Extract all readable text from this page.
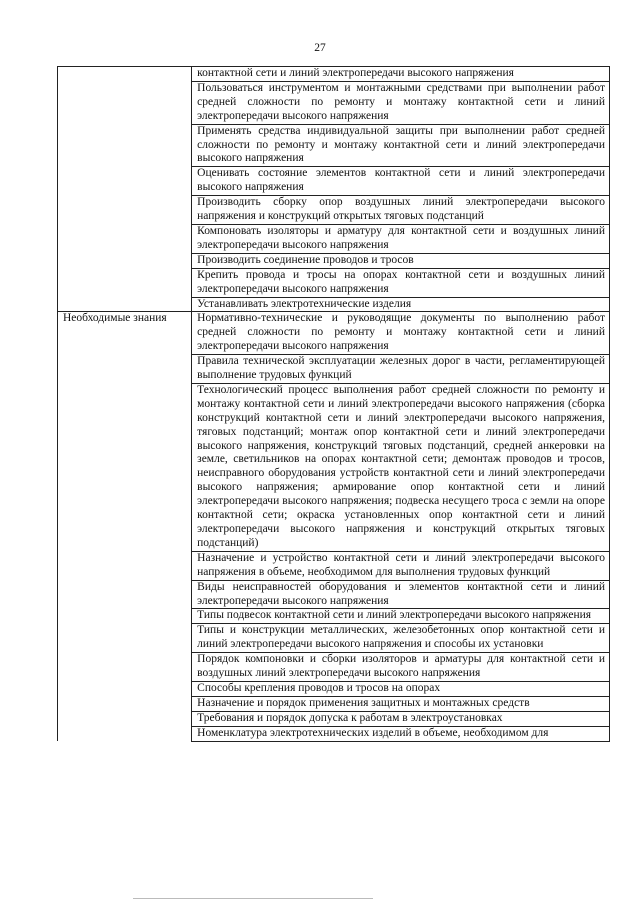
27
	контактной сети и линий электропередачи высокого напряжения
	Пользоваться инструментом и монтажными средствами при выполнении работ средней сложности по ремонту и монтажу контактной сети и линий электропередачи высокого напряжения
	Применять средства индивидуальной защиты при выполнении работ средней сложности по ремонту и монтажу контактной сети и линий электропередачи высокого напряжения
	Оценивать состояние элементов контактной сети и линий электропередачи высокого напряжения
	Производить сборку опор воздушных линий электропередачи высокого напряжения и конструкций открытых тяговых подстанций
	Компоновать изоляторы и арматуру для контактной сети и воздушных линий электропередачи высокого напряжения
	Производить соединение проводов и тросов
	Крепить провода и тросы на опорах контактной сети и воздушных линий электропередачи высокого напряжения
	Устанавливать электротехнические изделия
Необходимые знания	Нормативно-технические и руководящие документы по выполнению работ средней сложности по ремонту и монтажу контактной сети и линий электропередачи высокого напряжения
	Правила технической эксплуатации железных дорог в части, регламентирующей выполнение трудовых функций
	Технологический процесс выполнения работ средней сложности по ремонту и монтажу контактной сети и линий электропередачи высокого напряжения (сборка конструкций контактной сети и линий электропередачи высокого напряжения, тяговых подстанций; монтаж опор контактной сети и линий электропередачи высокого напряжения, конструкций тяговых подстанций, средней анкеровки на земле, светильников на опорах контактной сети; демонтаж проводов и тросов, неисправного оборудования устройств контактной сети и линий электропередачи высокого напряжения; армирование опор контактной сети и линий электропередачи высокого напряжения; подвеска несущего троса с земли на опоре контактной сети; окраска установленных опор контактной сети и линий электропередачи высокого напряжения и конструкций открытых тяговых подстанций)
	Назначение и устройство контактной сети и линий электропередачи высокого напряжения в объеме, необходимом для выполнения трудовых функций
	Виды неисправностей оборудования и элементов контактной сети и линий электропередачи высокого напряжения
	Типы подвесок контактной сети и линий электропередачи высокого напряжения
	Типы и конструкции металлических, железобетонных опор контактной сети и линий электропередачи высокого напряжения и способы их установки
	Порядок компоновки и сборки изоляторов и арматуры для контактной сети и воздушных линий электропередачи высокого напряжения
	Способы крепления проводов и тросов на опорах
	Назначение и порядок применения защитных и монтажных средств
	Требования и порядок допуска к работам в электроустановках
	Номенклатура электротехнических изделий в объеме, необходимом для
